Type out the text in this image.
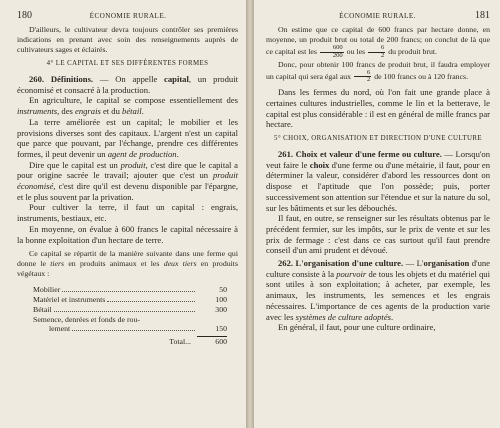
180	ÉCONOMIE RURALE.

D'ailleurs, le cultivateur devra toujours contrôler ses premières indications en prenant avec soin des renseignements auprès de cultivateurs sages et éclairés.

4° LE CAPITAL ET SES DIFFÉRENTES FORMES

260. Définitions. — On appelle capital, un produit économisé et consacré à la production.

En agriculture, le capital se compose essentiellement des instruments, des engrais et du bétail.

La terre améliorée est un capital; le mobilier et les provisions diverses sont des capitaux. L'argent n'est un capital que parce que pouvant, par l'échange, prendre ces différentes formes, il peut devenir un agent de production.

Dire que le capital est un produit, c'est dire que le capital a pour origine sacrée le travail; ajouter que c'est un produit économisé, c'est dire qu'il est devenu disponible par l'épargne, et le plus souvent par la privation.

Pour cultiver la terre, il faut un capital : engrais, instruments, bestiaux, etc.

En moyenne, on évalue à 600 francs le capital nécessaire à la bonne exploitation d'un hectare de terre.

Ce capital se répartit de la manière suivante dans une ferme qui donne le tiers en produits animaux et les deux tiers en produits végétaux :

Mobilier	50
Matériel et instruments	100
Bétail	300
Semence, denrées et fonds de rou-
lement	150
Total...	600
ÉCONOMIE RURALE.	181

On estime que ce capital de 600 francs par hectare donne, en moyenne, un produit brut ou total de 200 francs; on conclut de là que ce capital est les $\frac{600}{200}$ ou les $\frac{6}{2}$ du produit brut.

Donc, pour obtenir 100 francs de produit brut, il faudra employer un capital qui sera égal aux $\frac{6}{2}$ de 100 francs ou à 120 francs.

Dans les fermes du nord, où l'on fait une grande place à certaines cultures industrielles, comme le lin et la betterave, le capital est plus considérable : il est en général de mille francs par hectare.

5° CHOIX, ORGANISATION ET DIRECTION D'UNE CULTURE

261. Choix et valeur d'une ferme ou culture. — Lorsqu'on veut faire le choix d'une ferme ou d'une métairie, il faut, pour en déterminer la valeur, considérer d'abord les ressources dont on dispose et l'aptitude que l'on possède; puis, porter successivement son attention sur l'étendue et sur la nature du sol, sur les bâtiments et sur les débouchés.

Il faut, en outre, se renseigner sur les résultats obtenus par le précédent fermier, sur les impôts, sur le prix de vente et sur les prix de fermage : c'est dans ce cas surtout qu'il faut prendre conseil d'un ami prudent et dévoué.

262. L'organisation d'une culture. — L'organisation d'une culture consiste à la pourvoir de tous les objets et du matériel qui sont utiles à son exploitation; à acheter, par exemple, les animaux, les instruments, les semences et les engrais nécessaires. L'importance de ces agents de la production varie avec les systèmes de culture adoptés.

En général, il faut, pour une culture ordinaire,
